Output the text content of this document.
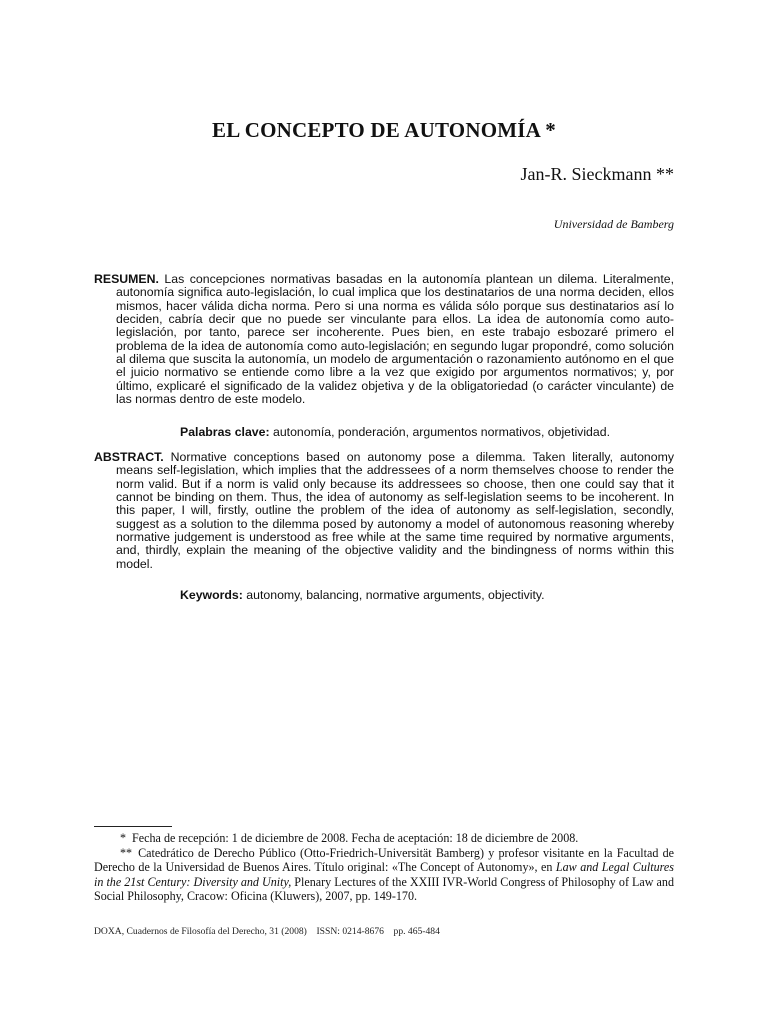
EL CONCEPTO DE AUTONOMÍA *
Jan-R. Sieckmann **
Universidad de Bamberg
RESUMEN. Las concepciones normativas basadas en la autonomía plantean un dilema. Literalmente, autonomía significa auto-legislación, lo cual implica que los destinatarios de una norma deciden, ellos mismos, hacer válida dicha norma. Pero si una norma es válida sólo porque sus destinatarios así lo deciden, cabría decir que no puede ser vinculante para ellos. La idea de autonomía como auto-legislación, por tanto, parece ser incoherente. Pues bien, en este trabajo esbozaré primero el problema de la idea de autonomía como auto-legislación; en segundo lugar propondré, como solución al dilema que suscita la autonomía, un modelo de argumentación o razonamiento autónomo en el que el juicio normativo se entiende como libre a la vez que exigido por argumentos normativos; y, por último, explicaré el significado de la validez objetiva y de la obligatoriedad (o carácter vinculante) de las normas dentro de este modelo.
Palabras clave: autonomía, ponderación, argumentos normativos, objetividad.
ABSTRACT. Normative conceptions based on autonomy pose a dilemma. Taken literally, autonomy means self-legislation, which implies that the addressees of a norm themselves choose to render the norm valid. But if a norm is valid only because its addressees so choose, then one could say that it cannot be binding on them. Thus, the idea of autonomy as self-legislation seems to be incoherent. In this paper, I will, firstly, outline the problem of the idea of autonomy as self-legislation, secondly, suggest as a solution to the dilemma posed by autonomy a model of autonomous reasoning whereby normative judgement is understood as free while at the same time required by normative arguments, and, thirdly, explain the meaning of the objective validity and the bindingness of norms within this model.
Keywords: autonomy, balancing, normative arguments, objectivity.

* Fecha de recepción: 1 de diciembre de 2008. Fecha de aceptación: 18 de diciembre de 2008.

** Catedrático de Derecho Público (Otto-Friedrich-Universität Bamberg) y profesor visitante en la Facultad de Derecho de la Universidad de Buenos Aires. Título original: «The Concept of Autonomy», en Law and Legal Cultures in the 21st Century: Diversity and Unity, Plenary Lectures of the XXIII IVR-World Congress of Philosophy of Law and Social Philosophy, Cracow: Oficina (Kluwers), 2007, pp. 149-170.

DOXA, Cuadernos de Filosofía del Derecho, 31 (2008) ISSN: 0214-8676 pp. 465-484
